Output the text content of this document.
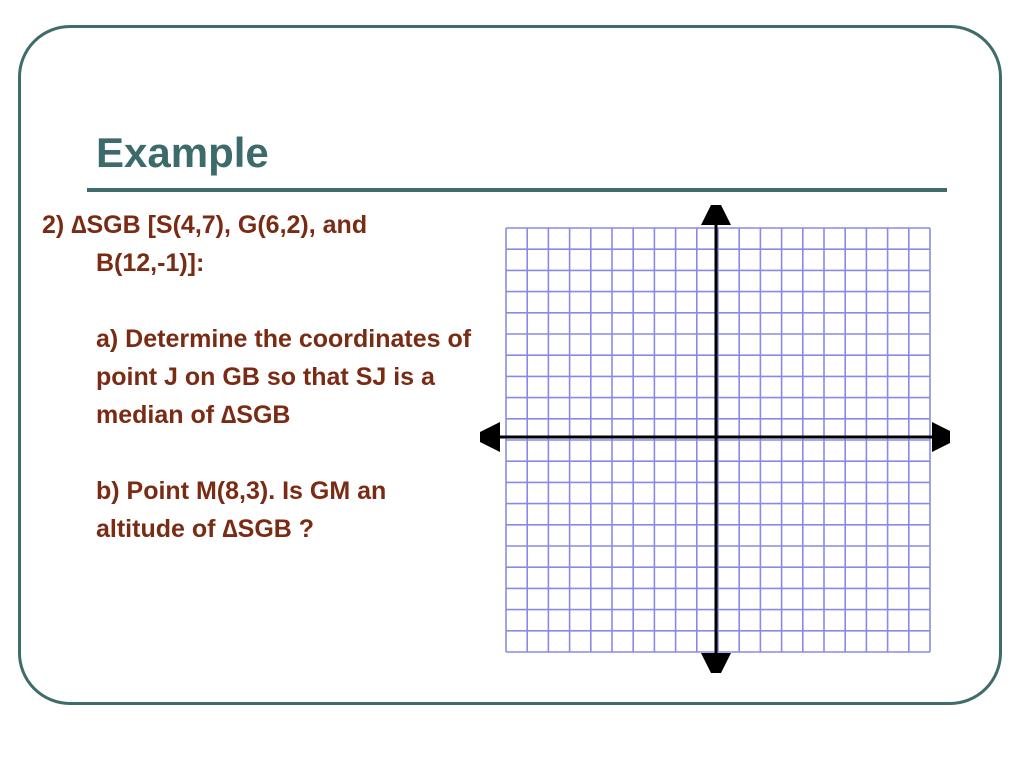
Example

2) ∆SGB [S(4,7), G(6,2), and B(12,-1)]:

a) Determine the coordinates of point J on GB so that SJ is a median of ∆SGB

b) Point M(8,3). Is GM an altitude of ∆SGB ?
